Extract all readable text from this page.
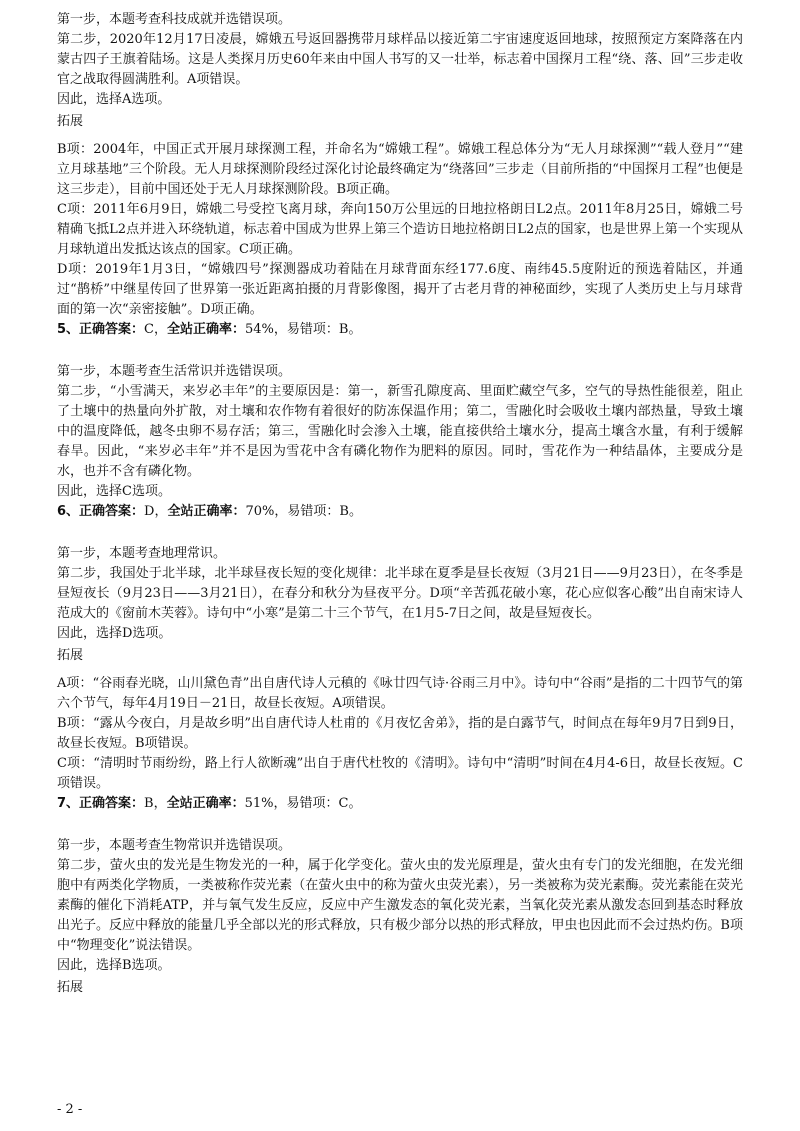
第一步，本题考查科技成就并选错误项。
第二步，2020年12月17日凌晨，嫦娥五号返回器携带月球样品以接近第二宇宙速度返回地球，按照预定方案降落在内蒙古四子王旗着陆场。这是人类探月历史60年来由中国人书写的又一壮举，标志着中国探月工程“绕、落、回”三步走收官之战取得圆满胜利。A项错误。
因此，选择A选项。
拓展
B项：2004年，中国正式开展月球探测工程，并命名为“嫦娥工程”。嫦娥工程总体分为“无人月球探测”“载人登月”“建立月球基地”三个阶段。无人月球探测阶段经过深化讨论最终确定为“绕落回”三步走（目前所指的“中国探月工程”也便是这三步走），目前中国还处于无人月球探测阶段。B项正确。
C项：2011年6月9日，嫦娥二号受控飞离月球，奔向150万公里远的日地拉格朗日L2点。2011年8月25日，嫦娥二号精确飞抵L2点并进入环绕轨道，标志着中国成为世界上第三个造访日地拉格朗日L2点的国家，也是世界上第一个实现从月球轨道出发抵达该点的国家。C项正确。
D项：2019年1月3日，“嫦娥四号”探测器成功着陆在月球背面东经177.6度、南纬45.5度附近的预选着陆区，并通过“鹊桥”中继星传回了世界第一张近距离拍摄的月背影像图，揭开了古老月背的神秘面纱，实现了人类历史上与月球背面的第一次“亲密接触”。D项正确。
5、正确答案：C，全站正确率：54%，易错项：B。
第一步，本题考查生活常识并选错误项。
第二步，“小雪满天，来岁必丰年”的主要原因是：第一，新雪孔隙度高、里面贮藏空气多，空气的导热性能很差，阻止了土壤中的热量向外扩散，对土壤和农作物有着很好的防冻保温作用；第二，雪融化时会吸收土壤内部热量，导致土壤中的温度降低，越冬虫卵不易存活；第三，雪融化时会渗入土壤，能直接供给土壤水分，提高土壤含水量，有利于缓解春旱。因此，“来岁必丰年”并不是因为雪花中含有磷化物作为肥料的原因。同时，雪花作为一种结晶体，主要成分是水，也并不含有磷化物。
因此，选择C选项。
6、正确答案：D，全站正确率：70%，易错项：B。
第一步，本题考查地理常识。
第二步，我国处于北半球，北半球昼夜长短的变化规律：北半球在夏季是昼长夜短（3月21日——9月23日），在冬季是昼短夜长（9月23日——3月21日），在春分和秋分为昼夜平分。D项“辛苦孤花破小寒，花心应似客心酸”出自南宋诗人范成大的《窗前木芙蓉》。诗句中“小寒”是第二十三个节气，在1月5-7日之间，故是昼短夜长。
因此，选择D选项。
拓展
A项：“谷雨春光晓，山川黛色青”出自唐代诗人元稹的《咏廿四气诗·谷雨三月中》。诗句中“谷雨”是指的二十四节气的第六个节气，每年4月19日－21日，故昼长夜短。A项错误。
B项：“露从今夜白，月是故乡明”出自唐代诗人杜甫的《月夜忆舍弟》，指的是白露节气，时间点在每年9月7日到9日，故昼长夜短。B项错误。
C项：“清明时节雨纷纷，路上行人欲断魂”出自于唐代杜牧的《清明》。诗句中“清明”时间在4月4-6日，故昼长夜短。C项错误。
7、正确答案：B，全站正确率：51%，易错项：C。
第一步，本题考查生物常识并选错误项。
第二步，萤火虫的发光是生物发光的一种，属于化学变化。萤火虫的发光原理是，萤火虫有专门的发光细胞，在发光细胞中有两类化学物质，一类被称作荧光素（在萤火虫中的称为萤火虫荧光素），另一类被称为荧光素酶。荧光素能在荧光素酶的催化下消耗ATP，并与氧气发生反应，反应中产生激发态的氧化荧光素，当氧化荧光素从激发态回到基态时释放出光子。反应中释放的能量几乎全部以光的形式释放，只有极少部分以热的形式释放，甲虫也因此而不会过热灼伤。B项中“物理变化”说法错误。
因此，选择B选项。
拓展
- 2 -
